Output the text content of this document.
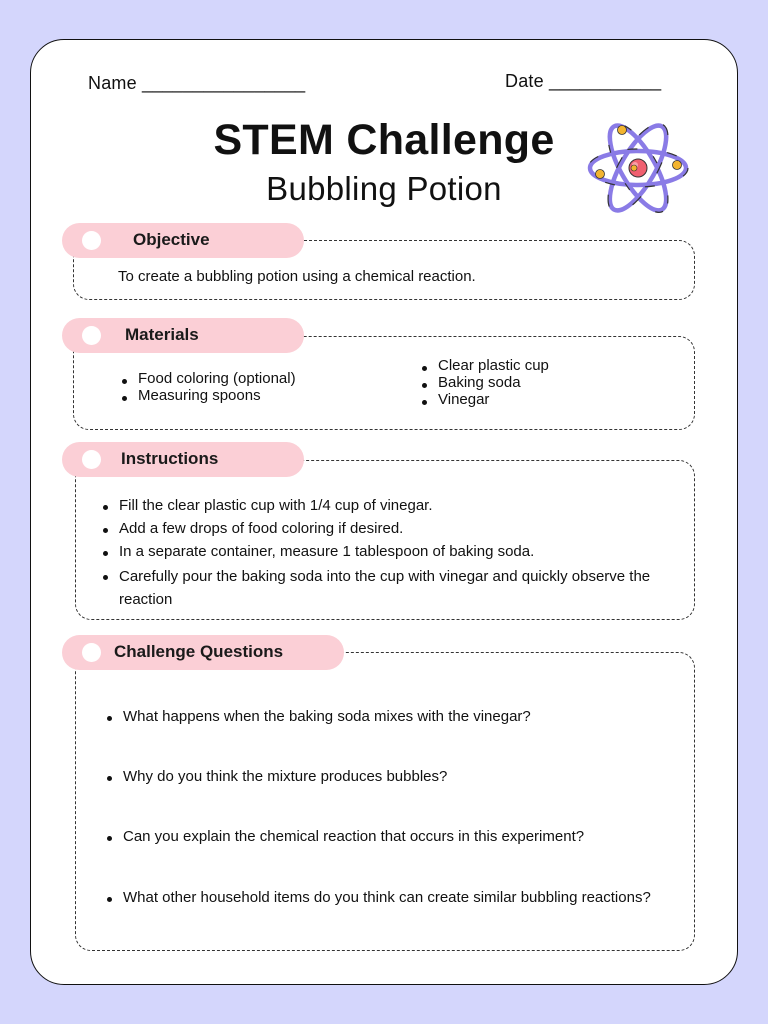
Name ________________	Date ___________
STEM Challenge
Bubbling Potion
Objective
To create a bubbling potion using a chemical reaction.
Materials
Food coloring (optional)
Measuring spoons
Clear plastic cup
Baking soda
Vinegar
Instructions
Fill the clear plastic cup with 1/4 cup of vinegar.
Add a few drops of food coloring if desired.
In a separate container, measure 1 tablespoon of baking soda.
Carefully pour the baking soda into the cup with vinegar and quickly observe the reaction
Challenge Questions
What happens when the baking soda mixes with the vinegar?
Why do you think the mixture produces bubbles?
Can you explain the chemical reaction that occurs in this experiment?
What other household items do you think can create similar bubbling reactions?
